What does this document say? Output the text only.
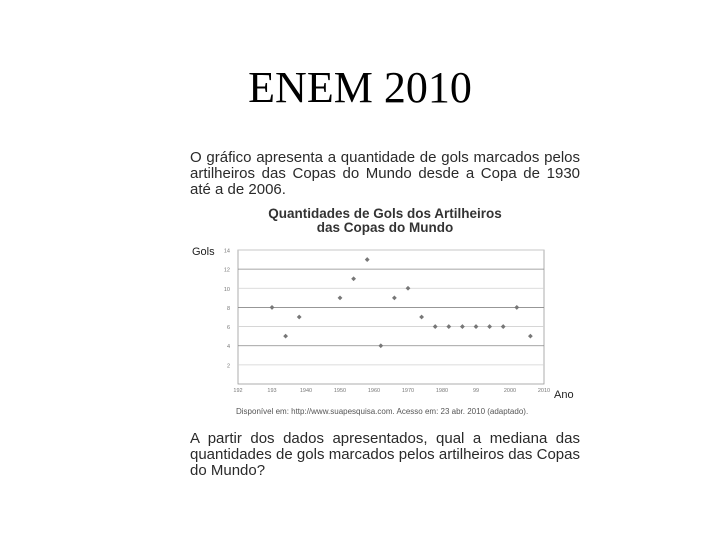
ENEM 2010
O gráfico apresenta a quantidade de gols marcados pelos artilheiros das Copas do Mundo desde a Copa de 1930 até a de 2006.
Quantidades de Gols dos Artilheiros
das Copas do Mundo
Gols
Ano
2
4
6
8
10
12
14
192	193	1940	1950	1960	1970	1980	99	2000	2010
Disponível em: http://www.suapesquisa.com. Acesso em: 23 abr. 2010 (adaptado).
A partir dos dados apresentados, qual a mediana das quantidades de gols marcados pelos artilheiros das Copas do Mundo?
